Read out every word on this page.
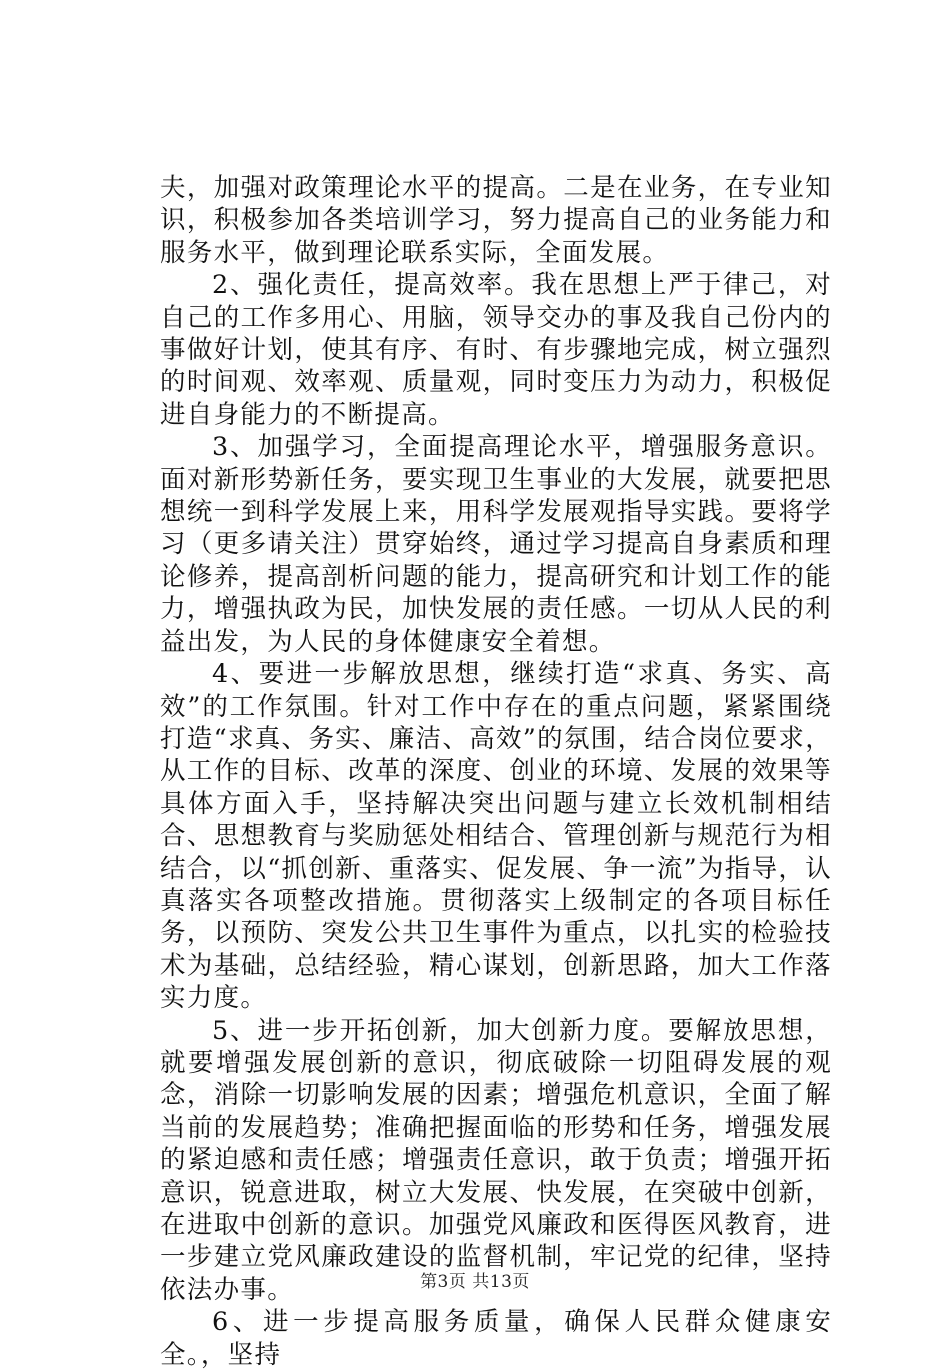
夫，加强对政策理论水平的提高。二是在业务，在专业知识，积极参加各类培训学习，努力提高自己的业务能力和服务水平，做到理论联系实际，全面发展。

2、强化责任，提高效率。我在思想上严于律己，对自己的工作多用心、用脑，领导交办的事及我自己份内的事做好计划，使其有序、有时、有步骤地完成，树立强烈的时间观、效率观、质量观，同时变压力为动力，积极促进自身能力的不断提高。

3、加强学习，全面提高理论水平，增强服务意识。面对新形势新任务，要实现卫生事业的大发展，就要把思想统一到科学发展上来，用科学发展观指导实践。要将学习（更多请关注）贯穿始终，通过学习提高自身素质和理论修养，提高剖析问题的能力，提高研究和计划工作的能力，增强执政为民，加快发展的责任感。一切从人民的利益出发，为人民的身体健康安全着想。

4、要进一步解放思想，继续打造“求真、务实、高效”的工作氛围。针对工作中存在的重点问题，紧紧围绕打造“求真、务实、廉洁、高效”的氛围，结合岗位要求，从工作的目标、改革的深度、创业的环境、发展的效果等具体方面入手，坚持解决突出问题与建立长效机制相结合、思想教育与奖励惩处相结合、管理创新与规范行为相结合，以“抓创新、重落实、促发展、争一流”为指导，认真落实各项整改措施。贯彻落实上级制定的各项目标任务，以预防、突发公共卫生事件为重点，以扎实的检验技术为基础，总结经验，精心谋划，创新思路，加大工作落实力度。

5、进一步开拓创新，加大创新力度。要解放思想，就要增强发展创新的意识，彻底破除一切阻碍发展的观念，消除一切影响发展的因素；增强危机意识，全面了解当前的发展趋势；准确把握面临的形势和任务，增强发展的紧迫感和责任感；增强责任意识，敢于负责；增强开拓意识，锐意进取，树立大发展、快发展，在突破中创新，在进取中创新的意识。加强党风廉政和医得医风教育，进一步建立党风廉政建设的监督机制，牢记党的纪律，坚持依法办事。

6、进一步提高服务质量，确保人民群众健康安全。，坚持

第3页 共13页
